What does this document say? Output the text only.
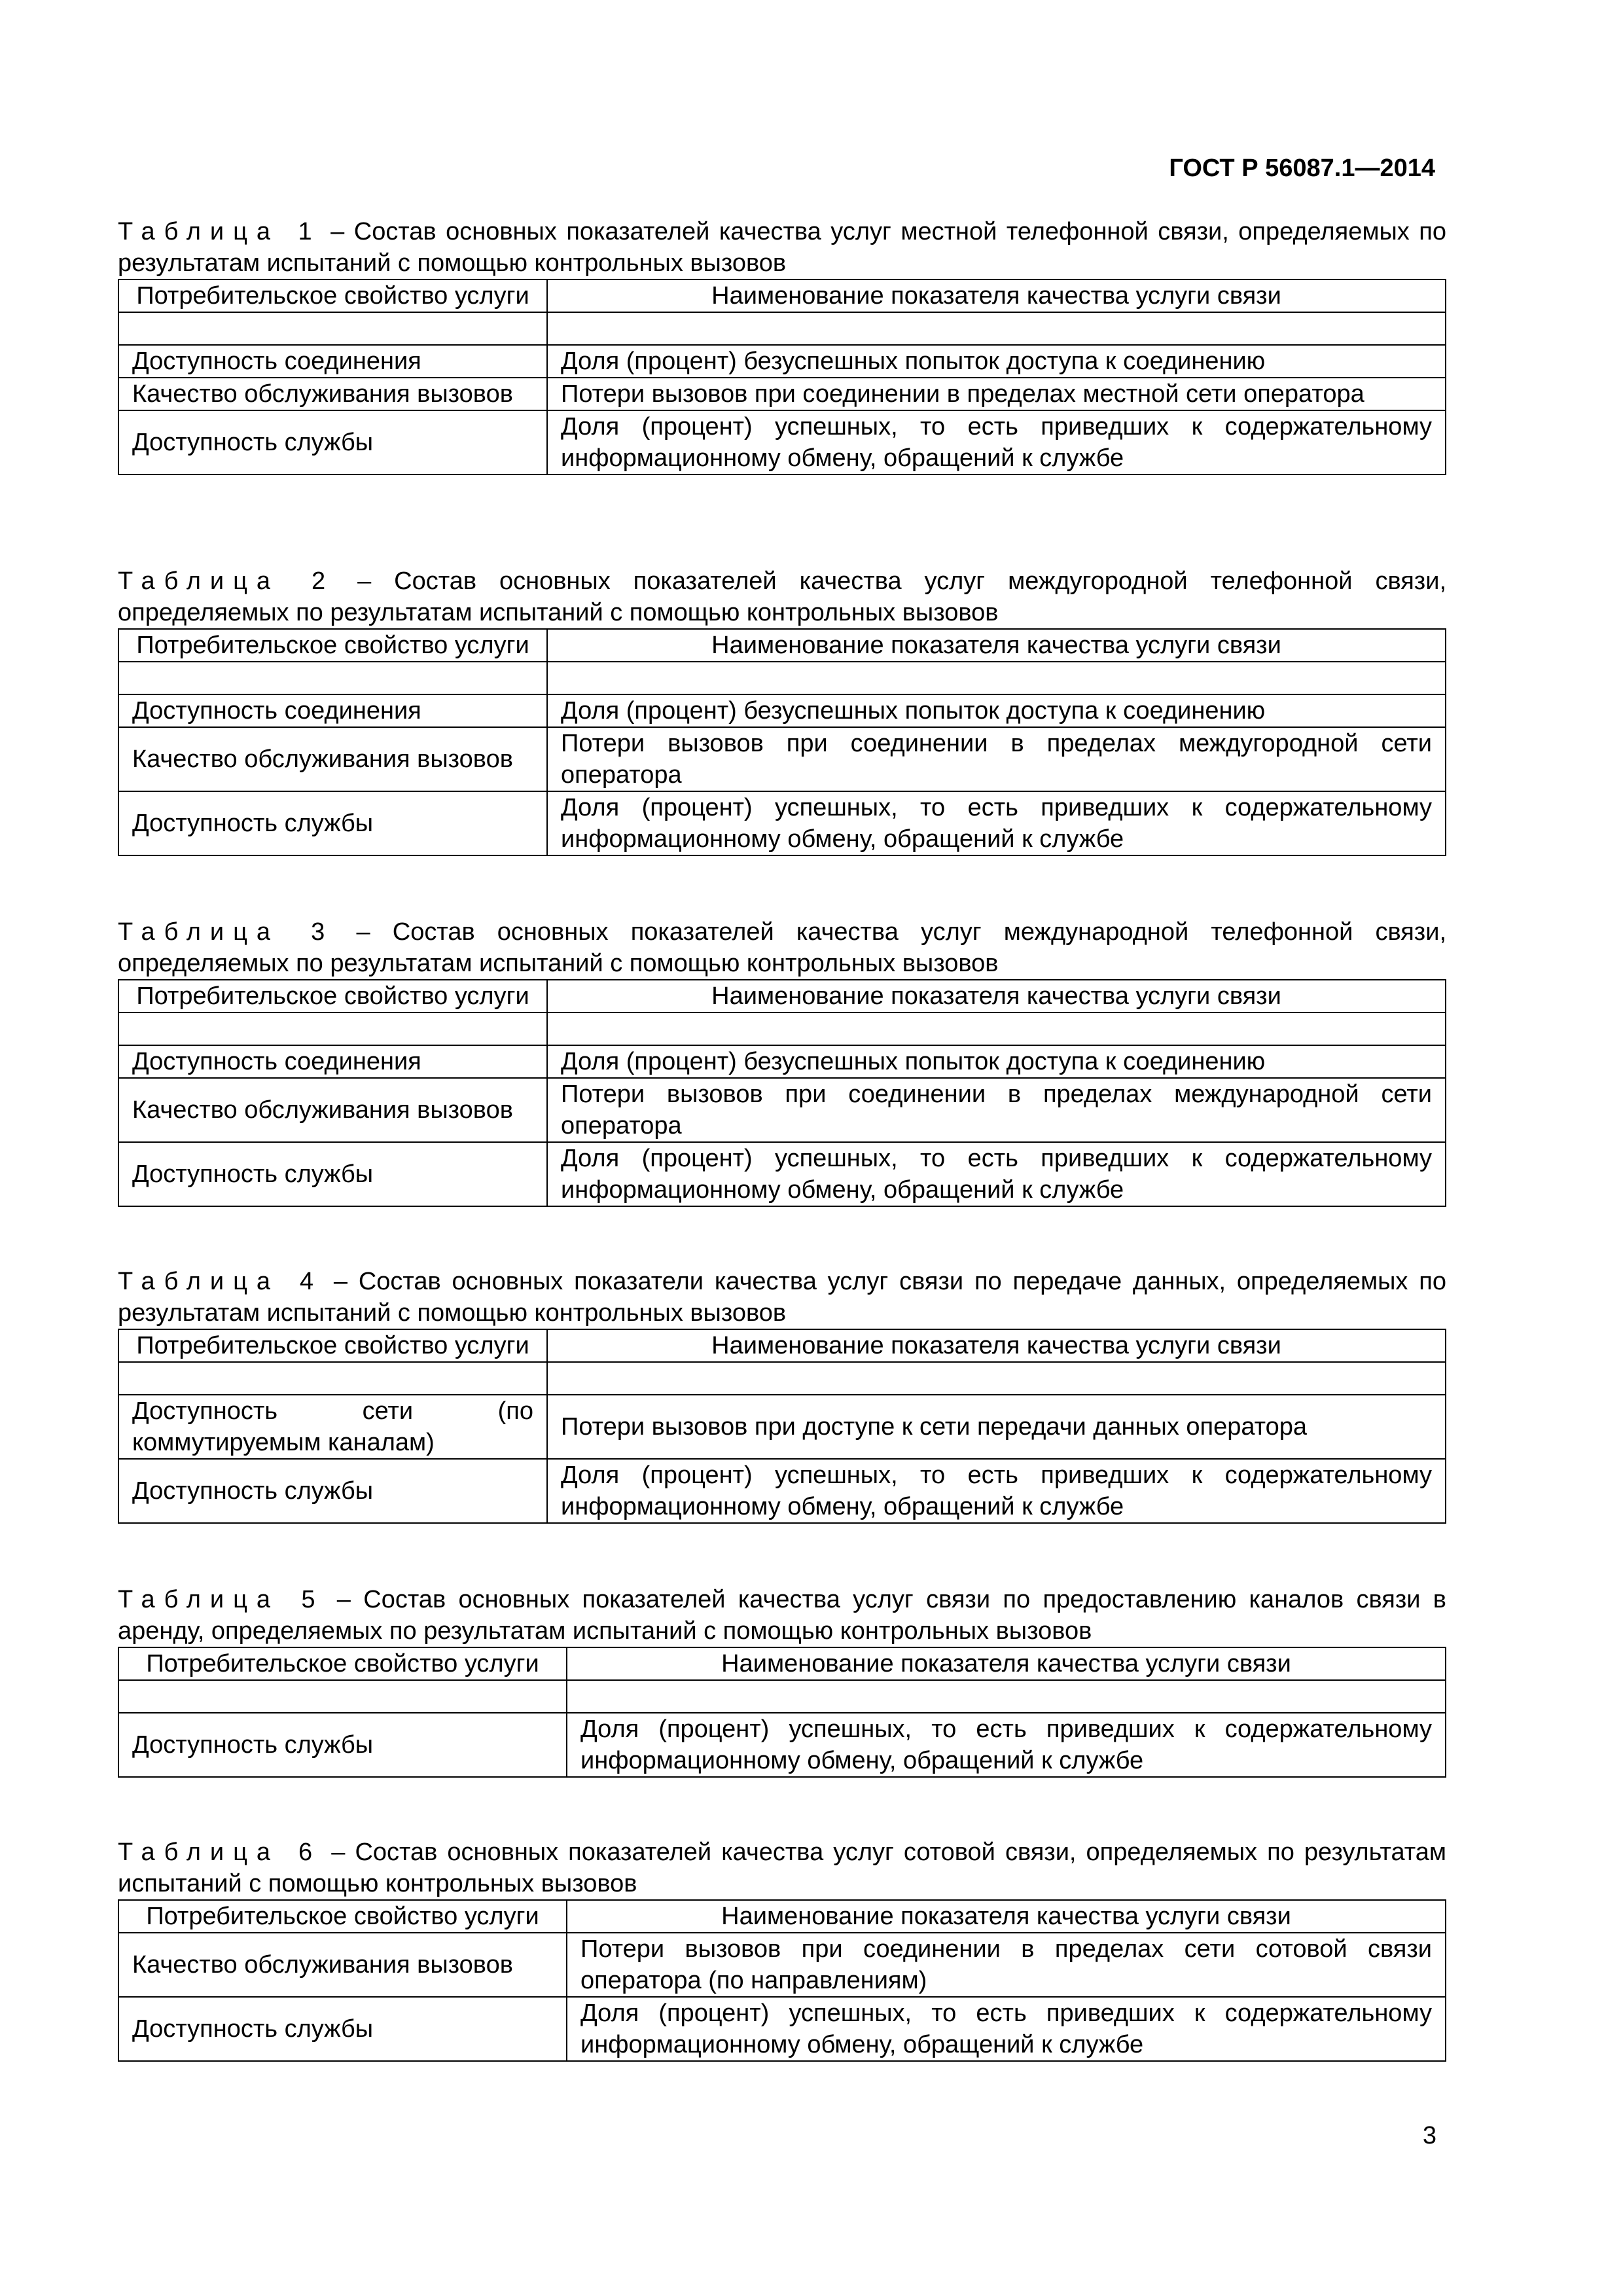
ГОСТ Р 56087.1—2014

Таблица 1 – Состав основных показателей качества услуг местной телефонной связи, определяемых по результатам испытаний с помощью контрольных вызовов

Потребительское свойство услуги	Наименование показателя качества услуги связи

Доступность соединения	Доля (процент) безуспешных попыток доступа к соединению
Качество обслуживания вызовов	Потери вызовов при соединении в пределах местной сети оператора
Доступность службы	Доля (процент) успешных, то есть приведших к содержательному информационному обмену, обращений к службе

Таблица 2 – Состав основных показателей качества услуг междугородной телефонной связи, определяемых по результатам испытаний с помощью контрольных вызовов

Потребительское свойство услуги	Наименование показателя качества услуги связи

Доступность соединения	Доля (процент) безуспешных попыток доступа к соединению
Качество обслуживания вызовов	Потери вызовов при соединении в пределах междугородной сети оператора
Доступность службы	Доля (процент) успешных, то есть приведших к содержательному информационному обмену, обращений к службе

Таблица 3 – Состав основных показателей качества услуг международной телефонной связи, определяемых по результатам испытаний с помощью контрольных вызовов

Потребительское свойство услуги	Наименование показателя качества услуги связи

Доступность соединения	Доля (процент) безуспешных попыток доступа к соединению
Качество обслуживания вызовов	Потери вызовов при соединении в пределах международной сети оператора
Доступность службы	Доля (процент) успешных, то есть приведших к содержательному информационному обмену, обращений к службе

Таблица 4 – Состав основных показатели качества услуг связи по передаче данных, определяемых по результатам испытаний с помощью контрольных вызовов

Потребительское свойство услуги	Наименование показателя качества услуги связи

Доступность сети (по коммутируемым каналам)	Потери вызовов при доступе к сети передачи данных оператора
Доступность службы	Доля (процент) успешных, то есть приведших к содержательному информационному обмену, обращений к службе

Таблица 5 – Состав основных показателей качества услуг связи по предоставлению каналов связи в аренду, определяемых по результатам испытаний с помощью контрольных вызовов

Потребительское свойство услуги	Наименование показателя качества услуги связи

Доступность службы	Доля (процент) успешных, то есть приведших к содержательному информационному обмену, обращений к службе

Таблица 6 – Состав основных показателей качества услуг сотовой связи, определяемых по результатам испытаний с помощью контрольных вызовов

Потребительское свойство услуги	Наименование показателя качества услуги связи
Качество обслуживания вызовов	Потери вызовов при соединении в пределах сети сотовой связи оператора (по направлениям)
Доступность службы	Доля (процент) успешных, то есть приведших к содержательному информационному обмену, обращений к службе
3
